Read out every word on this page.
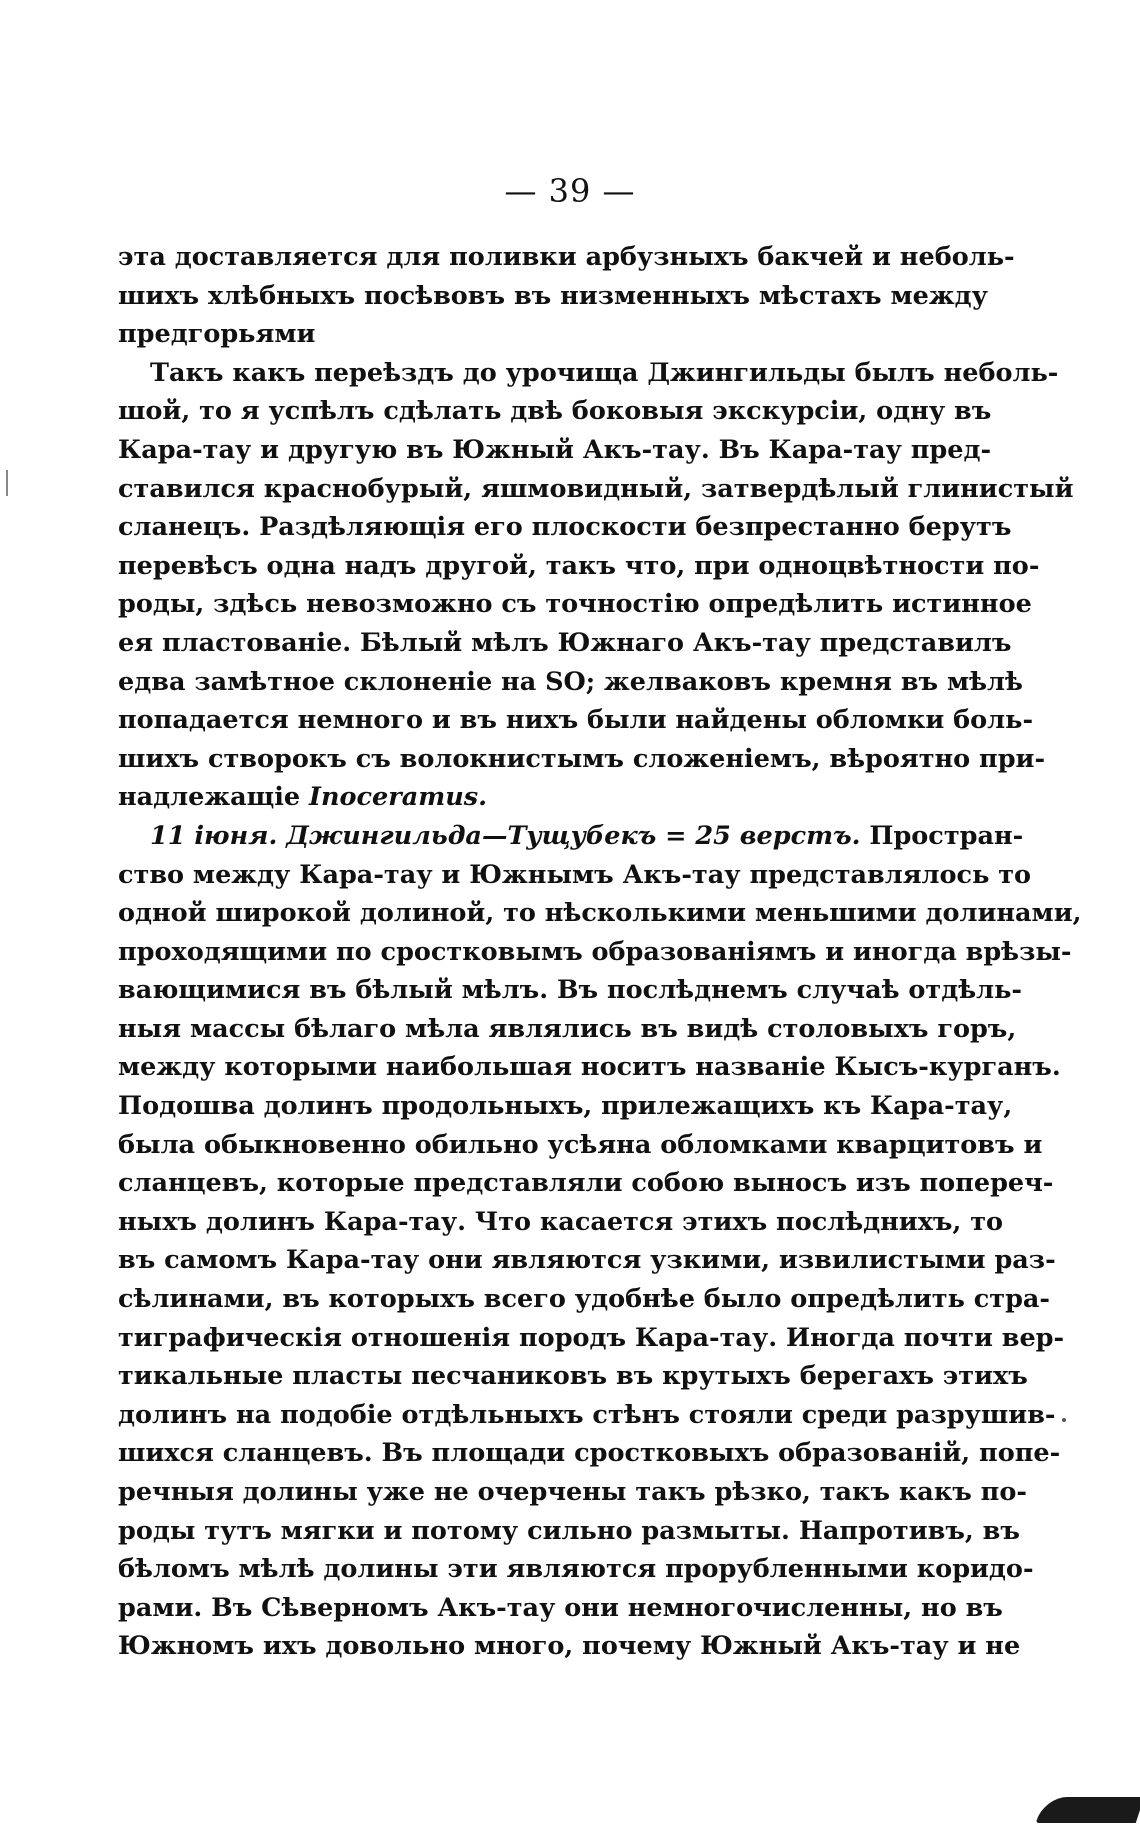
— 39 —
эта доставляется для поливки арбузныхъ бакчей и неболь-
шихъ хлѣбныхъ посѣвовъ въ низменныхъ мѣстахъ между
предгорьями
Такъ какъ переѣздъ до урочища Джингильды былъ неболь-
шой, то я успѣлъ сдѣлать двѣ боковыя экскурсіи, одну въ
Кара-тау и другую въ Южный Акъ-тау. Въ Кара-тау пред-
ставился краснобурый, яшмовидный, затвердѣлый глинистый
сланецъ. Раздѣляющія его плоскости безпрестанно берутъ
перевѣсъ одна надъ другой, такъ что, при одноцвѣтности по-
роды, здѣсь невозможно съ точностію опредѣлить истинное
ея пластованіе. Бѣлый мѣлъ Южнаго Акъ-тау представилъ
едва замѣтное склоненіе на SO; желваковъ кремня въ мѣлѣ
попадается немного и въ нихъ были найдены обломки боль-
шихъ створокъ съ волокнистымъ сложеніемъ, вѣроятно при-
надлежащіе Inoceramus.
11 іюня. Джингильда—Тущубекъ = 25 верстъ. Простран-
ство между Кара-тау и Южнымъ Акъ-тау представлялось то
одной широкой долиной, то нѣсколькими меньшими долинами,
проходящими по сростковымъ образованіямъ и иногда врѣзы-
вающимися въ бѣлый мѣлъ. Въ послѣднемъ случаѣ отдѣль-
ныя массы бѣлаго мѣла являлись въ видѣ столовыхъ горъ,
между которыми наибольшая носитъ названіе Кысъ-курганъ.
Подошва долинъ продольныхъ, прилежащихъ къ Кара-тау,
была обыкновенно обильно усѣяна обломками кварцитовъ и
сланцевъ, которые представляли собою выносъ изъ попереч-
ныхъ долинъ Кара-тау. Что касается этихъ послѣднихъ, то
въ самомъ Кара-тау они являются узкими, извилистыми раз-
сѣлинами, въ которыхъ всего удобнѣе было опредѣлить стра-
тиграфическія отношенія породъ Кара-тау. Иногда почти вер-
тикальные пласты песчаниковъ въ крутыхъ берегахъ этихъ
долинъ на подобіе отдѣльныхъ стѣнъ стояли среди разрушив-
шихся сланцевъ. Въ площади сростковыхъ образованій, попе-
речныя долины уже не очерчены такъ рѣзко, такъ какъ по-
роды тутъ мягки и потому сильно размыты. Напротивъ, въ
бѣломъ мѣлѣ долины эти являются прорубленными коридо-
рами. Въ Сѣверномъ Акъ-тау они немногочисленны, но въ
Южномъ ихъ довольно много, почему Южный Акъ-тау и не
